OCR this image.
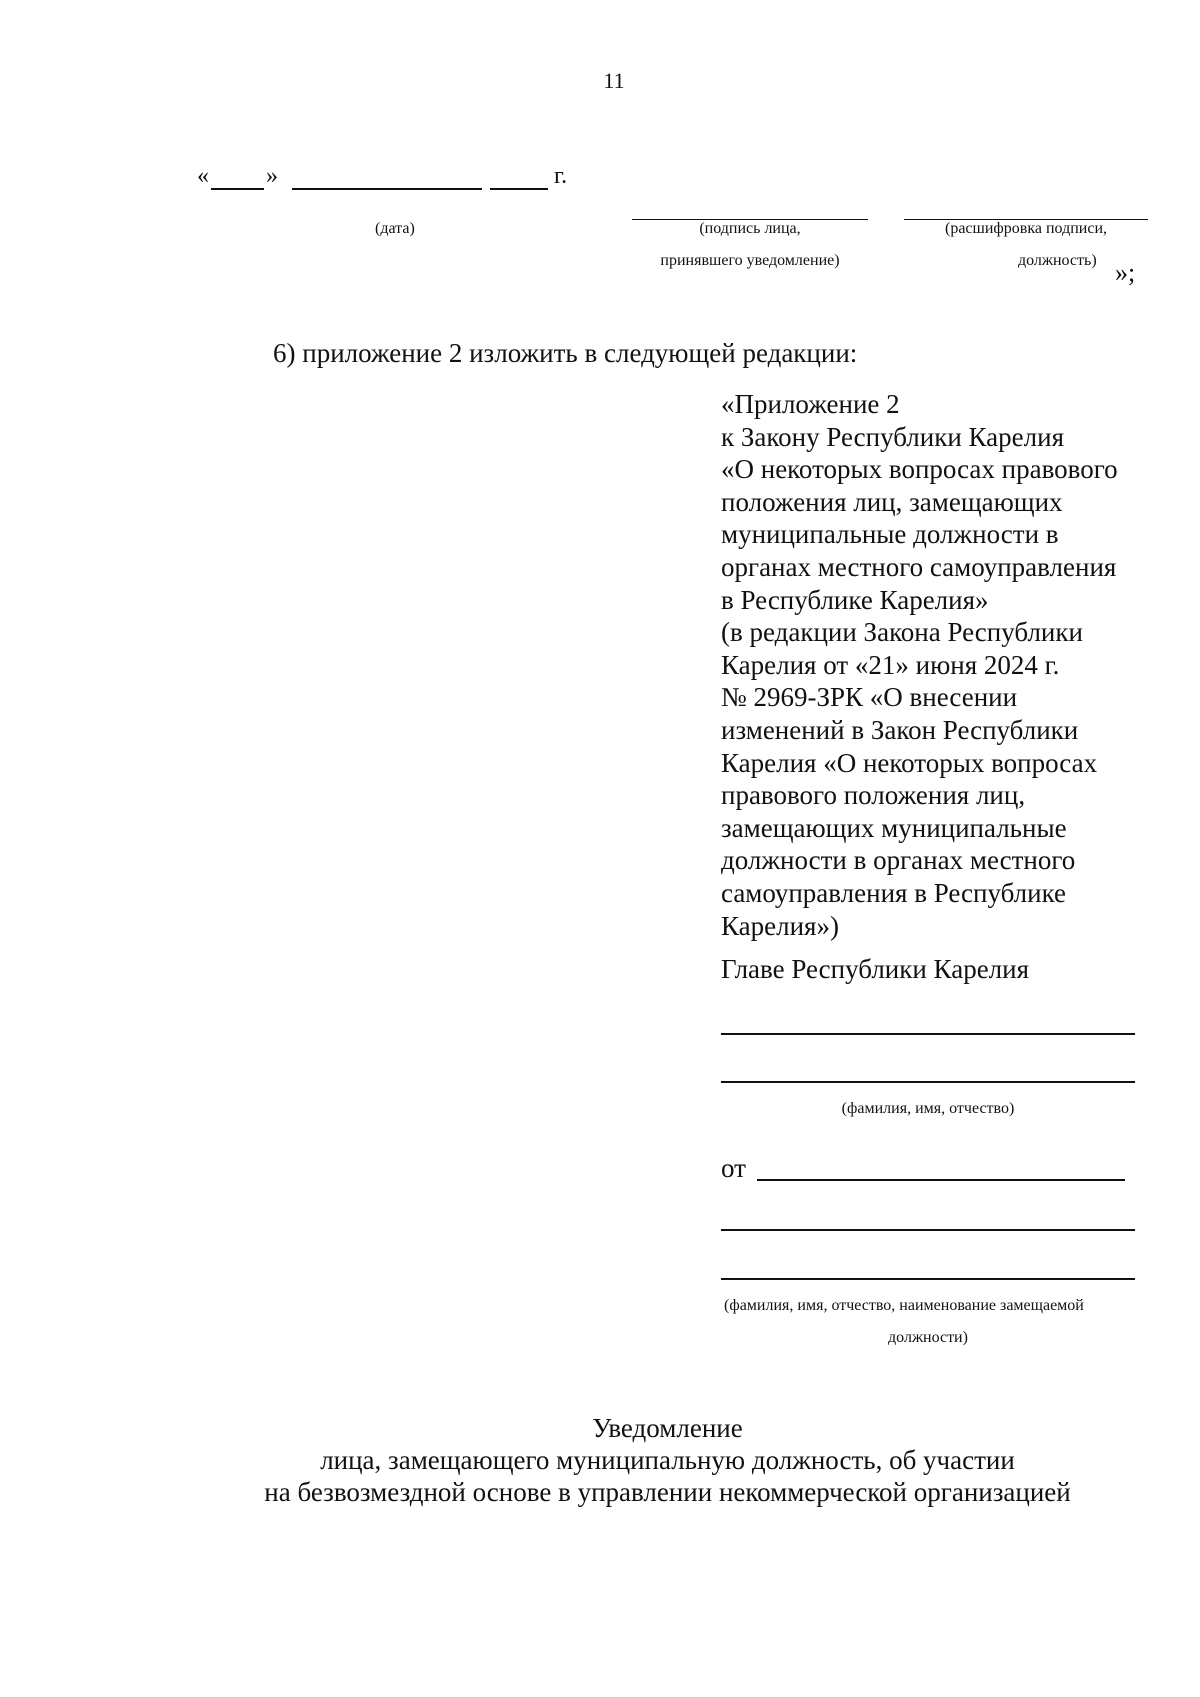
11
« »	г.
(дата)	(подпись лица,
принявшего уведомление)
(расшифровка подписи,
должность) »;
6) приложение 2 изложить в следующей редакции:
«Приложение 2
к Закону Республики Карелия
«О некоторых вопросах правового
положения лиц, замещающих
муниципальные должности в
органах местного самоуправления
в Республике Карелия»
(в редакции Закона Республики
Карелия от «21» июня 2024 г.
№ 2969-ЗРК «О внесении
изменений в Закон Республики
Карелия «О некоторых вопросах
правового положения лиц,
замещающих муниципальные
должности в органах местного
самоуправления в Республике
Карелия»)
Главе Республики Карелия
(фамилия, имя, отчество)
от
(фамилия, имя, отчество, наименование замещаемой
должности)
Уведомление
лица, замещающего муниципальную должность, об участии
на безвозмездной основе в управлении некоммерческой организацией
